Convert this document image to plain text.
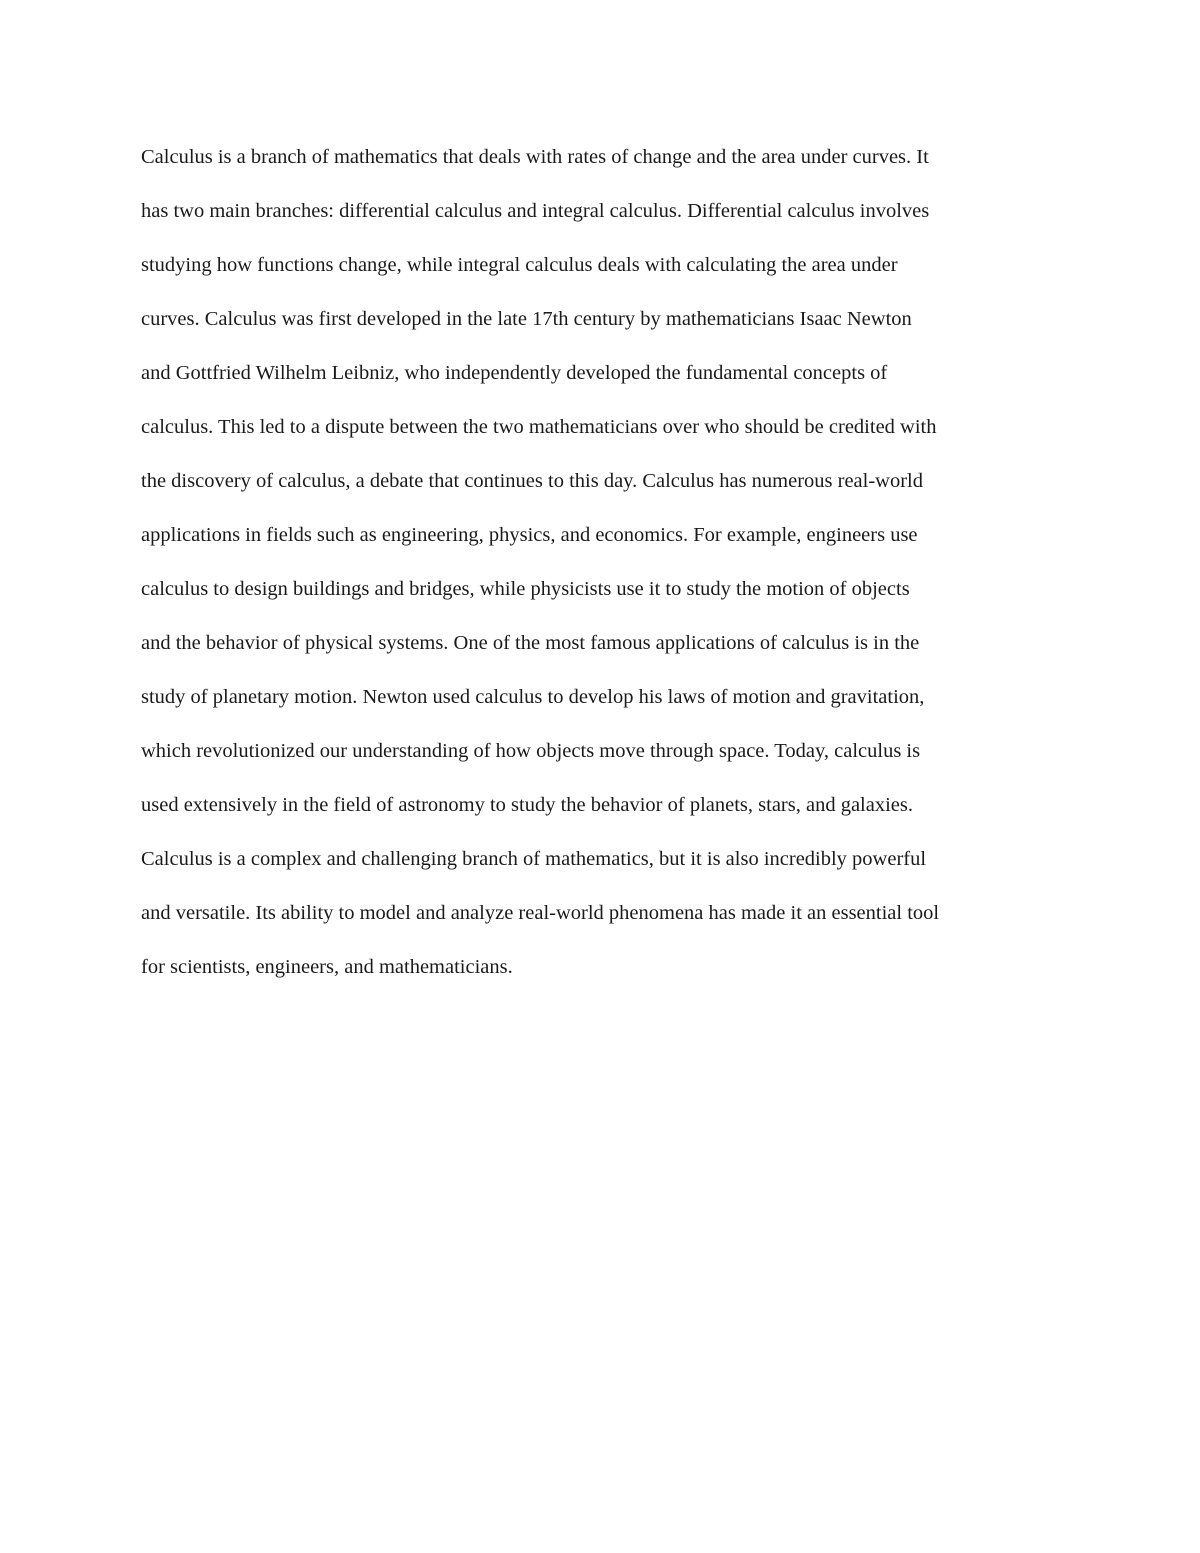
Calculus is a branch of mathematics that deals with rates of change and the area under curves. It
has two main branches: differential calculus and integral calculus. Differential calculus involves
studying how functions change, while integral calculus deals with calculating the area under
curves. Calculus was first developed in the late 17th century by mathematicians Isaac Newton
and Gottfried Wilhelm Leibniz, who independently developed the fundamental concepts of
calculus. This led to a dispute between the two mathematicians over who should be credited with
the discovery of calculus, a debate that continues to this day. Calculus has numerous real-world
applications in fields such as engineering, physics, and economics. For example, engineers use
calculus to design buildings and bridges, while physicists use it to study the motion of objects
and the behavior of physical systems. One of the most famous applications of calculus is in the
study of planetary motion. Newton used calculus to develop his laws of motion and gravitation,
which revolutionized our understanding of how objects move through space. Today, calculus is
used extensively in the field of astronomy to study the behavior of planets, stars, and galaxies.
Calculus is a complex and challenging branch of mathematics, but it is also incredibly powerful
and versatile. Its ability to model and analyze real-world phenomena has made it an essential tool
for scientists, engineers, and mathematicians.
